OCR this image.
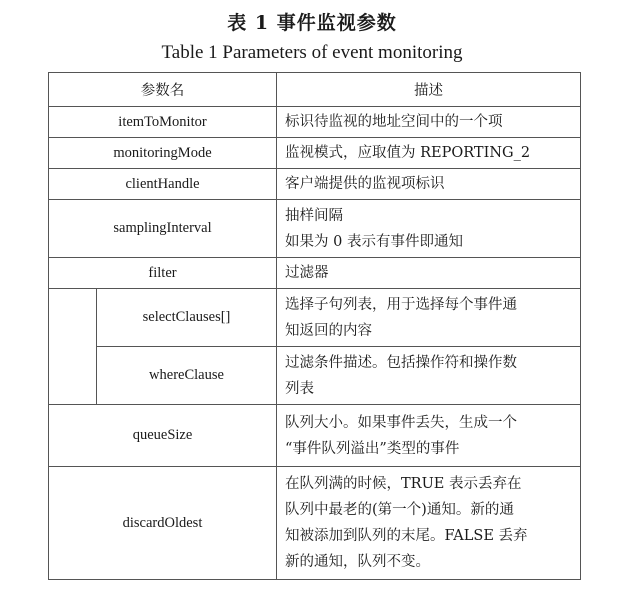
表 1 事件监视参数
Table 1 Parameters of event monitoring
参数名		描述
itemToMonitor		标识待监视的地址空间中的一个项

monitoringMode		监视模式，应取值为 REPORTING_2

clientHandle		客户端提供的监视项标识

samplingInterval		抽样间隔
如果为 0 表示有事件即通知

filter		过滤器

	selectClauses[]	选择子句列表，用于选择每个事件通
知返回的内容

	whereClause	过滤条件描述。包括操作符和操作数
列表

queueSize		队列大小。如果事件丢失，生成一个
“事件队列溢出”类型的事件

discardOldest		在队列满的时候，TRUE 表示丢弃在
队列中最老的(第一个)通知。新的通
知被添加到队列的末尾。FALSE 丢弃
新的通知，队列不变。
